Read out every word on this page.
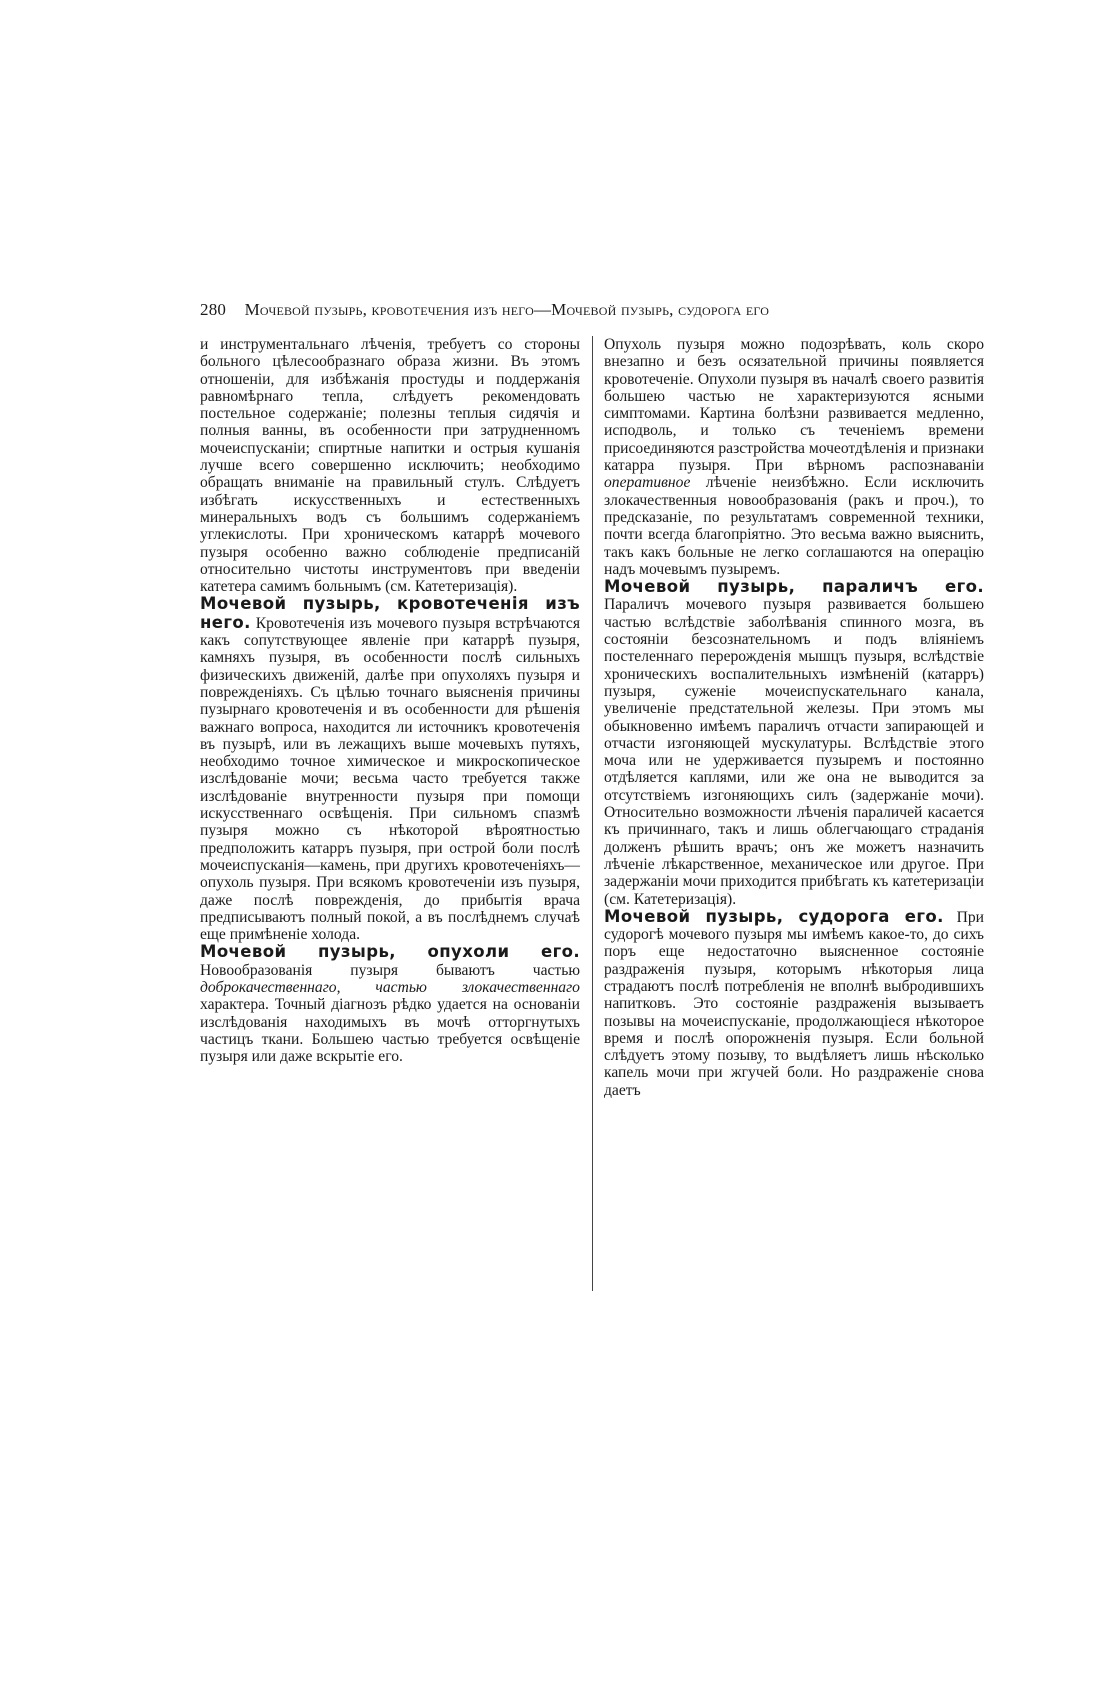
280 Мочевой пузырь, кровотечения изъ него—Мочевой пузырь, судорога его

и инструментальнаго лѣченія, требуетъ со стороны больного цѣлесообразнаго образа жизни. Въ этомъ отношеніи, для избѣжанія простуды и поддержанія равномѣрнаго тепла, слѣдуетъ рекомендовать постельное содержаніе; полезны теплыя сидячія и полныя ванны, въ особенности при затрудненномъ мочеиспусканіи; спиртные напитки и острыя кушанія лучше всего совершенно исключить; необходимо обращать вниманіе на правильный стулъ. Слѣдуетъ избѣгать искусственныхъ и естественныхъ минеральныхъ водъ съ большимъ содержаніемъ углекислоты. При хроническомъ катаррѣ мочевого пузыря особенно важно соблюденіе предписаній относительно чистоты инструментовъ при введеніи катетера самимъ больнымъ (см. Катетеризація).

Мочевой пузырь, кровотеченія изъ него. Кровотеченія изъ мочевого пузыря встрѣчаются какъ сопутствующее явленіе при катаррѣ пузыря, камняхъ пузыря, въ особенности послѣ сильныхъ физическихъ движеній, далѣе при опухоляхъ пузыря и поврежденіяхъ. Съ цѣлью точнаго выясненія причины пузырнаго кровотеченія и въ особенности для рѣшенія важнаго вопроса, находится ли источникъ кровотеченія въ пузырѣ, или въ лежащихъ выше мочевыхъ путяхъ, необходимо точное химическое и микроскопическое изслѣдованіе мочи; весьма часто требуется также изслѣдованіе внутренности пузыря при помощи искусственнаго освѣщенія. При сильномъ спазмѣ пузыря можно съ нѣкоторой вѣроятностью предположить катарръ пузыря, при острой боли послѣ мочеиспусканія—камень, при другихъ кровотеченіяхъ—опухоль пузыря. При всякомъ кровотеченіи изъ пузыря, даже послѣ поврежденія, до прибытія врача предписываютъ полный покой, а въ послѣднемъ случаѣ еще примѣненіе холода.

Мочевой пузырь, опухоли его. Новообразованія пузыря бываютъ частью доброкачественнаго, частью злокачественнаго характера. Точный діагнозъ рѣдко удается на основаніи изслѣдованія находимыхъ въ мочѣ отторгнутыхъ частицъ ткани. Большею частью требуется освѣщеніе пузыря или даже вскрытіе его.

Опухоль пузыря можно подозрѣвать, коль скоро внезапно и безъ осязательной причины появляется кровотеченіе. Опухоли пузыря въ началѣ своего развитія большею частью не характеризуются ясными симптомами. Картина болѣзни развивается медленно, исподволь, и только съ теченіемъ времени присоединяются разстройства мочеотдѣленія и признаки катарра пузыря. При вѣрномъ распознаваніи оперативное лѣченіе неизбѣжно. Если исключить злокачественныя новообразованія (ракъ и проч.), то предсказаніе, по результатамъ современной техники, почти всегда благопріятно. Это весьма важно выяснить, такъ какъ больные не легко соглашаются на операцію надъ мочевымъ пузыремъ.

Мочевой пузырь, параличъ его. Параличъ мочевого пузыря развивается большею частью вслѣдствіе заболѣванія спинного мозга, въ состояніи безсознательномъ и подъ вліяніемъ постеленнаго перерожденія мышцъ пузыря, вслѣдствіе хроническихъ воспалительныхъ измѣненій (катарръ) пузыря, суженіе мочеиспускательнаго канала, увеличеніе предстательной железы. При этомъ мы обыкновенно имѣемъ параличъ отчасти запирающей и отчасти изгоняющей мускулатуры. Вслѣдствіе этого моча или не удерживается пузыремъ и постоянно отдѣляется каплями, или же она не выводится за отсутствіемъ изгоняющихъ силъ (задержаніе мочи). Относительно возможности лѣченія параличей касается къ причиннаго, такъ и лишь облегчающаго страданія долженъ рѣшить врачъ; онъ же можетъ назначить лѣченіе лѣкарственное, механическое или другое. При задержаніи мочи приходится прибѣгать къ катетеризаціи (см. Катетеризація).

Мочевой пузырь, судорога его. При судорогѣ мочевого пузыря мы имѣемъ какое-то, до сихъ поръ еще недостаточно выясненное состояніе раздраженія пузыря, которымъ нѣкоторыя лица страдаютъ послѣ потребленія не вполнѣ выбродившихъ напитковъ. Это состояніе раздраженія вызываетъ позывы на мочеиспусканіе, продолжающіеся нѣкоторое время и послѣ опорожненія пузыря. Если больной слѣдуетъ этому позыву, то выдѣляетъ лишь нѣсколько капель мочи при жгучей боли. Но раздраженіе снова даетъ
